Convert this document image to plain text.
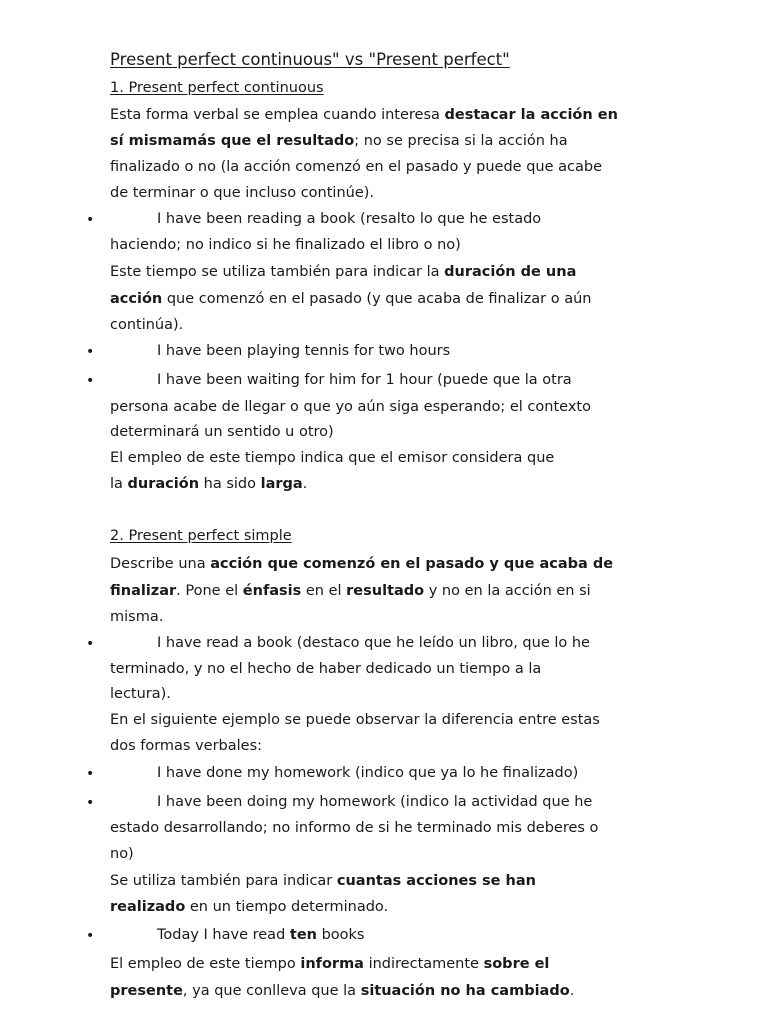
Present perfect continuous" vs "Present perfect"
1. Present perfect continuous
Esta forma verbal se emplea cuando interesa destacar la acción en
sí mismamás que el resultado; no se precisa si la acción ha
finalizado o no (la acción comenzó en el pasado y puede que acabe
de terminar o que incluso continúe).
•	I have been reading a book (resalto lo que he estado
haciendo; no indico si he finalizado el libro o no)
Este tiempo se utiliza también para indicar la duración de una
acción que comenzó en el pasado (y que acaba de finalizar o aún
continúa).
•	I have been playing tennis for two hours
•	I have been waiting for him for 1 hour (puede que la otra
persona acabe de llegar o que yo aún siga esperando; el contexto
determinará un sentido u otro)
El empleo de este tiempo indica que el emisor considera que
la duración ha sido larga.
2. Present perfect simple
Describe una acción que comenzó en el pasado y que acaba de
finalizar. Pone el énfasis en el resultado y no en la acción en si
misma.
•	I have read a book (destaco que he leído un libro, que lo he
terminado, y no el hecho de haber dedicado un tiempo a la
lectura).
En el siguiente ejemplo se puede observar la diferencia entre estas
dos formas verbales:
•	I have done my homework (indico que ya lo he finalizado)
•	I have been doing my homework (indico la actividad que he
estado desarrollando; no informo de si he terminado mis deberes o
no)
Se utiliza también para indicar cuantas acciones se han
realizado en un tiempo determinado.
•	Today I have read ten books
El empleo de este tiempo informa indirectamente sobre el
presente, ya que conlleva que la situación no ha cambiado.
